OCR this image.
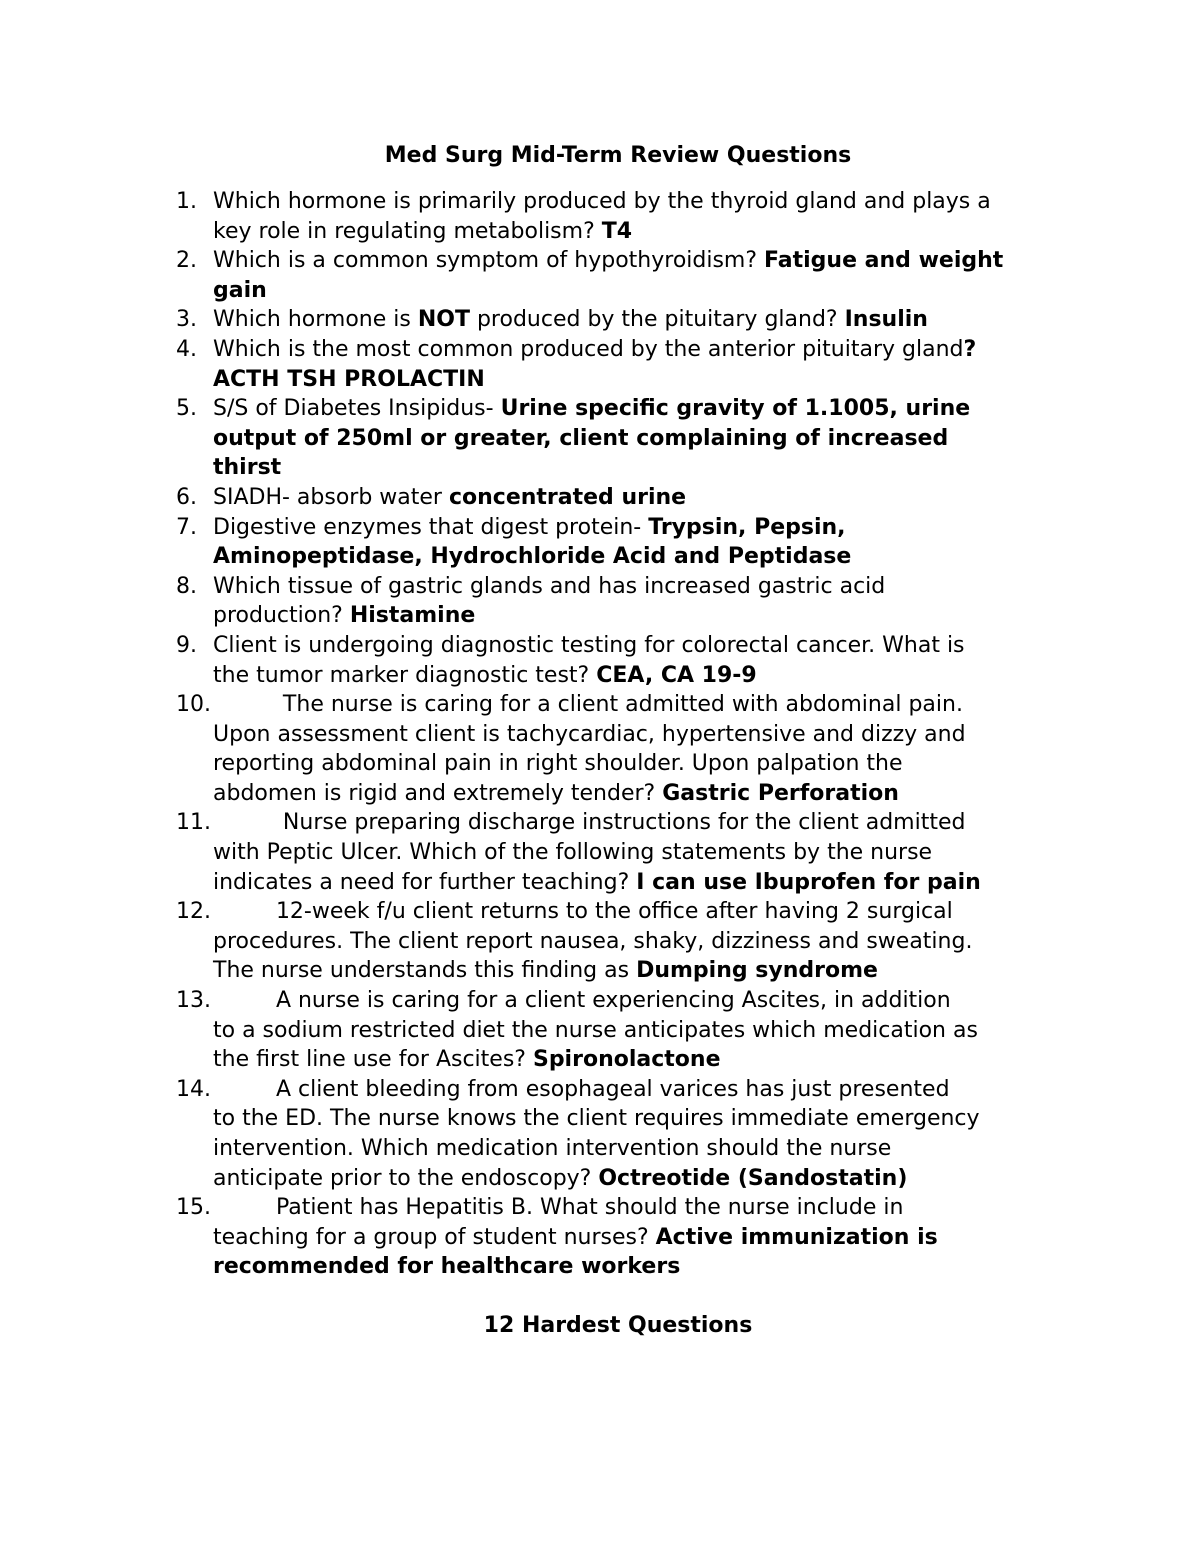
Med Surg Mid-Term Review Questions
1. Which hormone is primarily produced by the thyroid gland and plays a
key role in regulating metabolism? T4
2. Which is a common symptom of hypothyroidism? Fatigue and weight
gain
3. Which hormone is NOT produced by the pituitary gland? Insulin
4. Which is the most common produced by the anterior pituitary gland?
ACTH TSH PROLACTIN
5. S/S of Diabetes Insipidus- Urine specific gravity of 1.1005, urine
output of 250ml or greater, client complaining of increased
thirst
6. SIADH- absorb water concentrated urine
7. Digestive enzymes that digest protein- Trypsin, Pepsin,
Aminopeptidase, Hydrochloride Acid and Peptidase
8. Which tissue of gastric glands and has increased gastric acid
production? Histamine
9. Client is undergoing diagnostic testing for colorectal cancer. What is
the tumor marker diagnostic test? CEA, CA 19-9
10. The nurse is caring for a client admitted with abdominal pain.
Upon assessment client is tachycardiac, hypertensive and dizzy and
reporting abdominal pain in right shoulder. Upon palpation the
abdomen is rigid and extremely tender? Gastric Perforation
11. Nurse preparing discharge instructions for the client admitted
with Peptic Ulcer. Which of the following statements by the nurse
indicates a need for further teaching? I can use Ibuprofen for pain
12. 12-week f/u client returns to the office after having 2 surgical
procedures. The client report nausea, shaky, dizziness and sweating.
The nurse understands this finding as Dumping syndrome
13. A nurse is caring for a client experiencing Ascites, in addition
to a sodium restricted diet the nurse anticipates which medication as
the first line use for Ascites? Spironolactone
14. A client bleeding from esophageal varices has just presented
to the ED. The nurse knows the client requires immediate emergency
intervention. Which medication intervention should the nurse
anticipate prior to the endoscopy? Octreotide (Sandostatin)
15. Patient has Hepatitis B. What should the nurse include in
teaching for a group of student nurses? Active immunization is
recommended for healthcare workers
12 Hardest Questions
